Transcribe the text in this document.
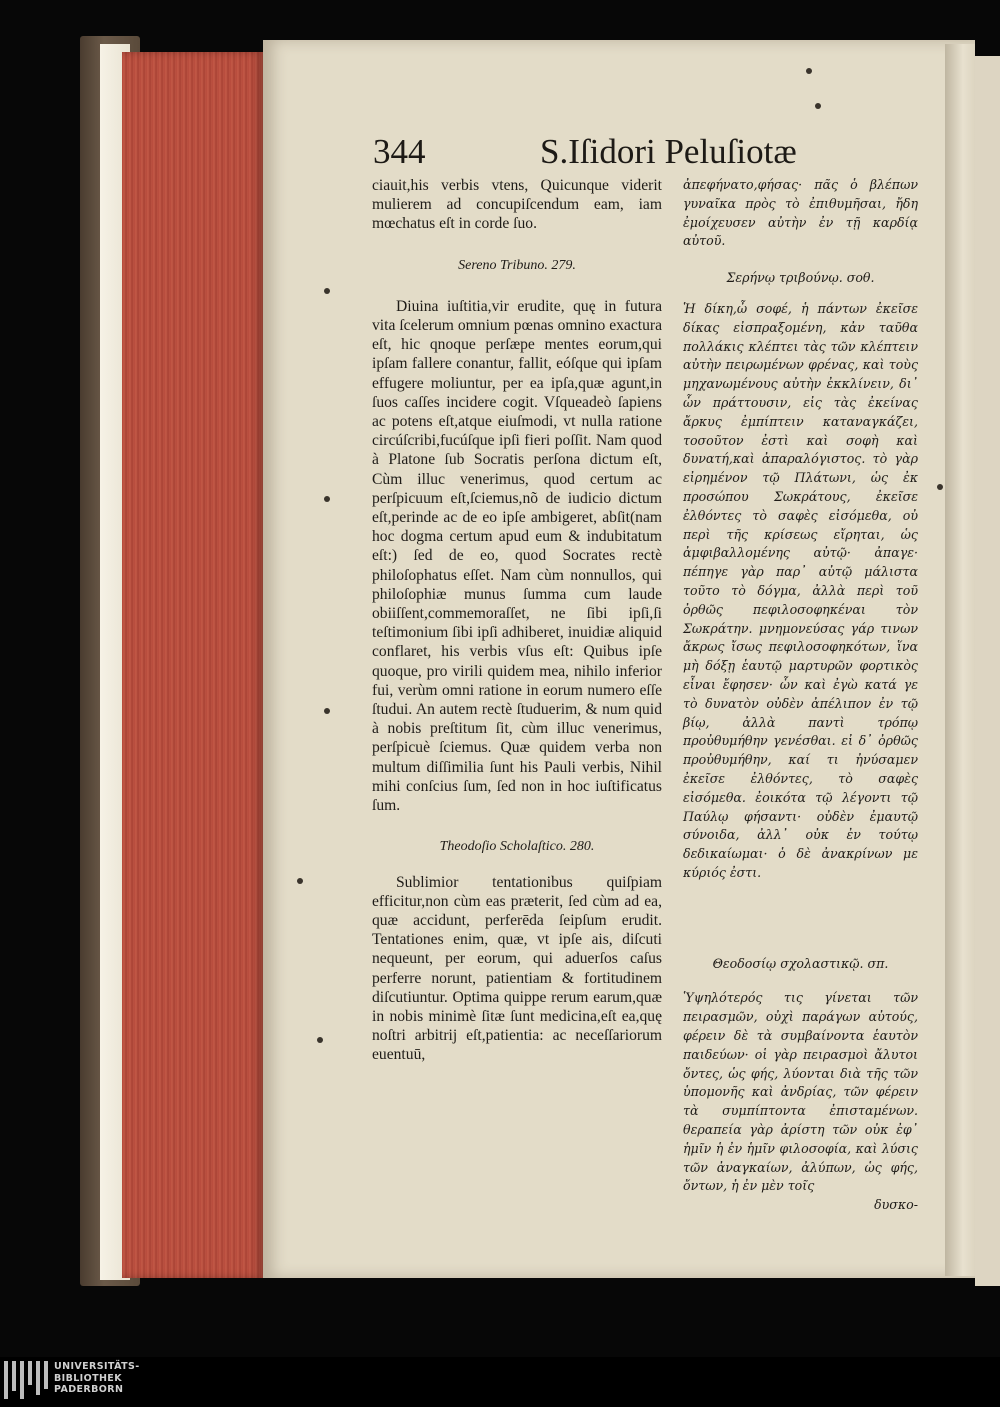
344	S.Iſidori Peluſiotæ

ciauit,his verbis vtens, Quicunque viderit mulierem ad concupiſcendum eam, iam mœchatus eſt in corde ſuo.

Sereno Tribuno. 279.

Diuina iuſtitia,vir erudite, quę in futura vita ſcelerum omnium pœnas omnino exactura eſt, hic qnoque perſæpe mentes eorum,qui ipſam fallere conantur, fallit, eóſque qui ipſam effugere moliuntur, per ea ipſa,quæ agunt,in ſuos caſſes incidere cogit. Vſqueadeò ſapiens ac potens eſt,atque eiuſmodi, vt nulla ratione circúſcribi,fucúſque ipſi fieri poſſit. Nam quod à Platone ſub Socratis perſona dictum eſt, Cùm illuc venerimus, quod certum ac perſpicuum eſt,ſciemus,nõ de iudicio dictum eſt,perinde ac de eo ipſe ambigeret, abſit(nam hoc dogma certum apud eum & indubitatum eſt:) ſed de eo, quod Socrates rectè philoſophatus eſſet. Nam cùm nonnullos, qui philoſophiæ munus ſumma cum laude obiiſſent,commemoraſſet, ne ſibi ipſi,ſi teſtimonium ſibi ipſi adhiberet, inuidiæ aliquid conflaret, his verbis vſus eſt: Quibus ipſe quoque, pro virili quidem mea, nihilo inferior fui, verùm omni ratione in eorum numero eſſe ſtudui. An autem rectè ſtuduerim, & num quid à nobis preſtitum ſit, cùm illuc venerimus, perſpicuè ſciemus. Quæ quidem verba non multum diſſimilia ſunt his Pauli verbis, Nihil mihi conſcius ſum, ſed non in hoc iuſtificatus ſum.

Theodoſio Scholaſtico. 280.

Sublimior tentationibus quiſpiam efficitur,non cùm eas præterit, ſed cùm ad ea, quæ accidunt, perferēda ſeipſum erudit. Tentationes enim, quæ, vt ipſe ais, diſcuti nequeunt, per eorum, qui aduerſos caſus perferre norunt, patientiam & fortitudinem diſcutiuntur. Optima quippe rerum earum,quæ in nobis minimè ſitæ ſunt medicina,eſt ea,quę noſtri arbitrij eſt,patientia: ac neceſſariorum euentuū,

ἀπεφήνατο,φήσας· πᾶς ὁ βλέπων γυναῖκα πρὸς τὸ ἐπιθυμῆσαι, ἤδη ἐμοίχευσεν αὐτὴν ἐν τῇ καρδίᾳ αὐτοῦ.

Σερήνῳ τριβούνῳ. σοθ.

Ἡ δίκη,ὦ σοφέ, ἡ πάντων ἐκεῖσε δίκας εἰσπραξομένη, κἀν ταῦθα πολλάκις κλέπτει τὰς τῶν κλέπτειν αὐτὴν πειρωμένων φρένας, καὶ τοὺς μηχανωμένους αὐτὴν ἐκκλίνειν, δι᾽ ὧν πράττουσιν, εἰς τὰς ἐκείνας ἄρκυς ἐμπίπτειν καταναγκάζει, τοσοῦτον ἐστὶ καὶ σοφὴ καὶ δυνατή,καὶ ἀπαραλόγιστος. τὸ γὰρ εἰρημένον τῷ Πλάτωνι, ὡς ἐκ προσώπου Σωκράτους, ἐκεῖσε ἐλθόντες τὸ σαφὲς εἰσόμεθα, οὐ περὶ τῆς κρίσεως εἴρηται, ὡς ἀμφιβαλλομένης αὐτῷ· ἀπαγε· πέπηγε γὰρ παρ᾽ αὐτῷ μάλιστα τοῦτο τὸ δόγμα, ἀλλὰ περὶ τοῦ ὀρθῶς πεφιλοσοφηκέναι τὸν Σωκράτην. μνημονεύσας γάρ τινων ἄκρως ἴσως πεφιλοσοφηκότων, ἵνα μὴ δόξῃ ἑαυτῷ μαρτυρῶν φορτικὸς εἶναι ἔφησεν· ὧν καὶ ἐγὼ κατά γε τὸ δυνατὸν οὐδὲν ἀπέλιπον ἐν τῷ βίῳ, ἀλλὰ παντὶ τρόπῳ προὐθυμήθην γενέσθαι. εἰ δ᾽ ὀρθῶς προὐθυμήθην, καί τι ἠνύσαμεν ἐκεῖσε ἐλθόντες, τὸ σαφὲς εἰσόμεθα. ἐοικότα τῷ λέγοντι τῷ Παύλῳ φήσαντι· οὐδὲν ἐμαυτῷ σύνοιδα, ἀλλ᾽ οὐκ ἐν τούτῳ δεδικαίωμαι· ὁ δὲ ἀνακρίνων με κύριός ἐστι.

Θεοδοσίῳ σχολαστικῷ. σπ.

Ὑψηλότερός τις γίνεται τῶν πειρασμῶν, οὐχὶ παράγων αὐτούς, φέρειν δὲ τὰ συμβαίνοντα ἑαυτὸν παιδεύων· οἱ γὰρ πειρασμοὶ ἄλυτοι ὄντες, ὡς φής, λύονται διὰ τῆς τῶν ὑπομονῆς καὶ ἀνδρίας, τῶν φέρειν τὰ συμπίπτοντα ἐπισταμένων. θεραπεία γὰρ ἀρίστη τῶν οὐκ ἐφ᾽ ἡμῖν ἡ ἐν ἡμῖν φιλοσοφία, καὶ λύσις τῶν ἀναγκαίων, ἀλύπων, ὡς φής, ὄντων, ἡ ἐν μὲν τοῖς

δυσκο-
UNIVERSITÄTS-
BIBLIOTHEK
PADERBORN
